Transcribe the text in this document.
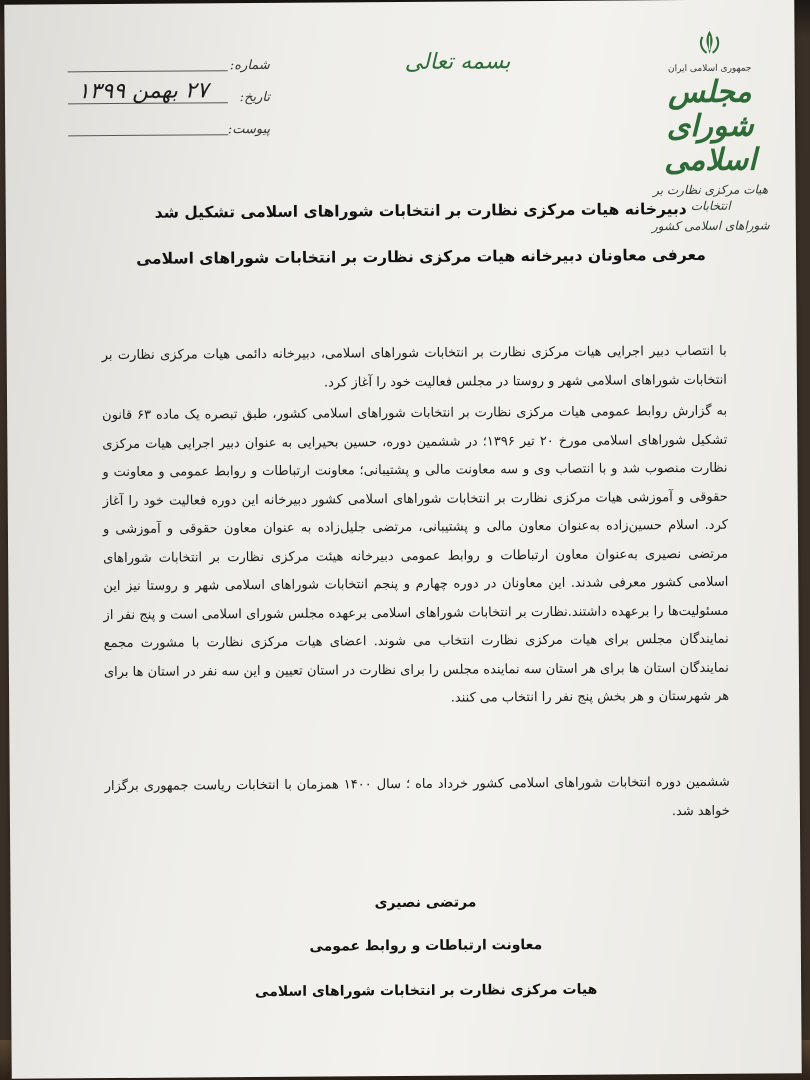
شماره:
۲۷ بهمن ۱۳۹۹ تاریخ:
پیوست:
بسمه تعالی	جمهوری اسلامی ایران
مجلس شورای اسلامی
هیات مرکزی نظارت بر انتخابات
شوراهای اسلامی کشور
دبیرخانه هیات مرکزی نظارت بر انتخابات شوراهای اسلامی تشکیل شد
معرفی معاونان دبیرخانه هیات مرکزی نظارت بر انتخابات شوراهای اسلامی
با انتصاب دبیر اجرایی هیات مرکزی نظارت بر انتخابات شوراهای اسلامی، دبیرخانه دائمی هیات مرکزی نظارت بر انتخابات شوراهای اسلامی شهر و روستا در مجلس فعالیت خود را آغاز کرد.
به گزارش روابط عمومی هیات مرکزی نظارت بر انتخابات شوراهای اسلامی کشور، طبق تبصره یک ماده ۶۳ قانون تشکیل شوراهای اسلامی مورخ ۲۰ تیر ۱۳۹۶؛ در ششمین دوره، حسین بحیرایی به عنوان دبیر اجرایی هیات مرکزی نظارت منصوب شد و با انتصاب وی و سه معاونت مالی و پشتیبانی؛ معاونت ارتباطات و روابط عمومی و معاونت و حقوقی و آموزشی هیات مرکزی نظارت بر انتخابات شوراهای اسلامی کشور دبیرخانه این دوره فعالیت خود را آغاز کرد. اسلام حسین‌زاده به‌عنوان معاون مالی و پشتیبانی، مرتضی جلیل‌زاده به عنوان معاون حقوقی و آموزشی و مرتضی نصیری به‌عنوان معاون ارتباطات و روابط عمومی دبیرخانه هیئت مرکزی نظارت بر انتخابات شوراهای اسلامی کشور معرفی شدند. این معاونان در دوره چهارم و پنجم انتخابات شوراهای اسلامی شهر و روستا نیز این مسئولیت‌ها را برعهده داشتند.نظارت بر انتخابات شوراهای اسلامی برعهده مجلس شورای اسلامی است و پنج نفر از نمایندگان مجلس برای هیات مرکزی نظارت انتخاب می شوند. اعضای هیات مرکزی نظارت با مشورت مجمع نمایندگان استان ها برای هر استان سه نماینده مجلس را برای نظارت در استان تعیین و این سه نفر در استان ها برای هر شهرستان و هر بخش پنج نفر را انتخاب می کنند.
ششمین دوره انتخابات شوراهای اسلامی کشور خرداد ماه ؛ سال ۱۴۰۰ همزمان با انتخابات ریاست جمهوری برگزار خواهد شد.
مرتضی نصیری
معاونت ارتباطات و روابط عمومی
هیات مرکزی نظارت بر انتخابات شوراهای اسلامی
